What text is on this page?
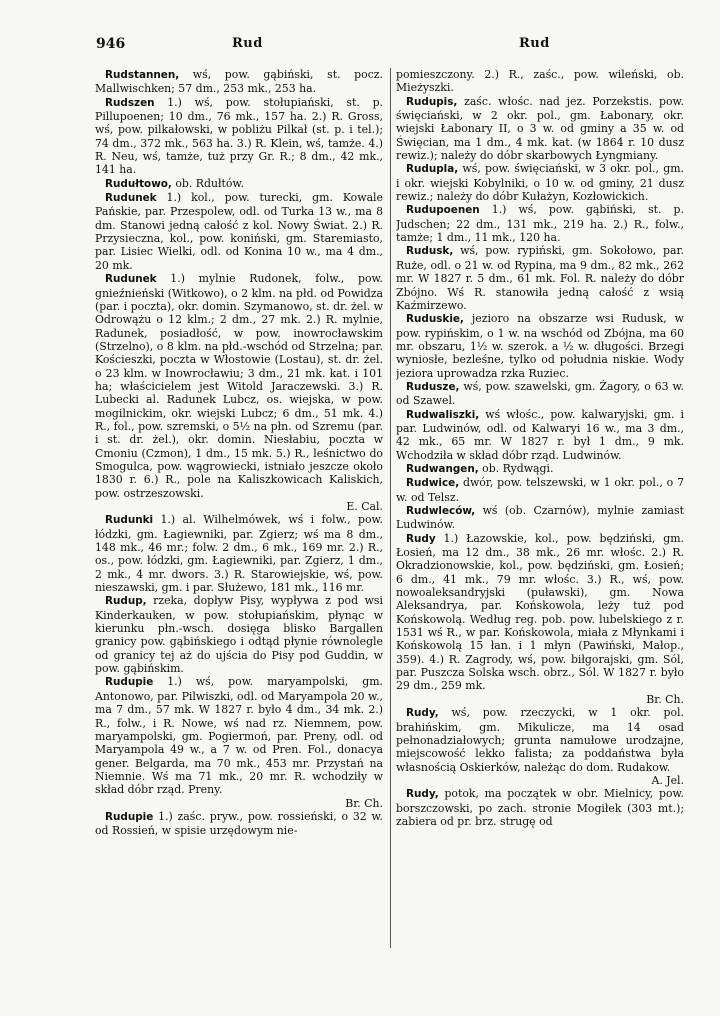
946	Rud	Rud

Rudstannen, wś, pow. gąbiński, st. pocz. Mallwischken; 57 dm., 253 mk., 253 ha.

Rudszen 1.) wś, pow. stołupiański, st. p. Pillupoenen; 10 dm., 76 mk., 157 ha. 2.) R. Gross, wś, pow. pilkałowski, w pobliżu Pilkał (st. p. i tel.); 74 dm., 372 mk., 563 ha. 3.) R. Klein, wś, tamże. 4.) R. Neu, wś, tamże, tuż przy Gr. R.; 8 dm., 42 mk., 141 ha.

Rudułtowo, ob. Rdułtów.

Rudunek 1.) kol., pow. turecki, gm. Kowale Pańskie, par. Przespolew, odl. od Turka 13 w., ma 8 dm. Stanowi jedną całość z kol. Nowy Świat. 2.) R. Przysieczna, kol., pow. koniński, gm. Staremiasto, par. Lisiec Wielki, odl. od Konina 10 w., ma 4 dm., 20 mk.

Rudunek 1.) mylnie Rudonek, folw., pow. gnieźnieński (Witkowo), o 2 klm. na płd. od Powidza (par. i poczta), okr. domin. Szymanowo, st. dr. żel. w Odrowążu o 12 klm.; 2 dm., 27 mk. 2.) R. mylnie, Radunek, posiadłość, w pow. inowrocławskim (Strzelno), o 8 klm. na płd.-wschód od Strzelna; par. Kościeszki, poczta w Włostowie (Lostau), st. dr. żel. o 23 klm. w Inowrocławiu; 3 dm., 21 mk. kat. i 101 ha; właścicielem jest Witold Jaraczewski. 3.) R. Lubecki al. Radunek Lubcz, os. wiejska, w pow. mogilnickim, okr. wiejski Lubcz; 6 dm., 51 mk. 4.) R., fol., pow. szremski, o 5½ na płn. od Szremu (par. i st. dr. żel.), okr. domin. Niesłabiu, poczta w Cmoniu (Czmon), 1 dm., 15 mk. 5.) R., leśnictwo do Smogulca, pow. wągrowiecki, istniało jeszcze około 1830 r. 6.) R., pole na Kaliszkowicach Kaliskich, pow. ostrzeszowski.

E. Cal.

Rudunki 1.) al. Wilhelmówek, wś i folw., pow. łódzki, gm. Łagiewniki, par. Zgierz; wś ma 8 dm., 148 mk., 46 mr.; folw. 2 dm., 6 mk., 169 mr. 2.) R., os., pow. łódzki, gm. Łagiewniki, par. Zgierz, 1 dm., 2 mk., 4 mr. dwors. 3.) R. Starowiejskie, wś, pow. nieszawski, gm. i par. Służewo, 181 mk., 116 mr.

Rudup, rzeka, dopływ Pisy, wypływa z pod wsi Kinderkauken, w pow. stołupiańskim, płynąc w kierunku płn.-wsch. dosięga blisko Bargallen granicy pow. gąbińskiego i odtąd płynie równolegle od granicy tej aż do ujścia do Pisy pod Guddin, w pow. gąbińskim.

Rudupie 1.) wś, pow. maryampolski, gm. Antonowo, par. Pilwiszki, odl. od Maryampola 20 w., ma 7 dm., 57 mk. W 1827 r. było 4 dm., 34 mk. 2.) R., folw., i R. Nowe, wś nad rz. Niemnem, pow. maryampolski, gm. Pogiermoń, par. Preny, odl. od Maryampola 49 w., a 7 w. od Pren. Fol., donacya gener. Belgarda, ma 70 mk., 453 mr. Przystań na Niemnie. Wś ma 71 mk., 20 mr. R. wchodziły w skład dóbr rząd. Preny.

Br. Ch.

Rudupie 1.) zaśc. pryw., pow. rossieński, o 32 w. od Rossień, w spisie urzędowym nie-

pomieszczony. 2.) R., zaśc., pow. wileński, ob. Mieżyszki.

Rudupis, zaśc. włośc. nad jez. Porzekstis. pow. święciański, w 2 okr. pol., gm. Łabonary, okr. wiejski Łabonary II, o 3 w. od gminy a 35 w. od Święcian, ma 1 dm., 4 mk. kat. (w 1864 r. 10 dusz rewiz.); należy do dóbr skarbowych Łyngmiany.

Rudupla, wś, pow. święciański, w 3 okr. pol., gm. i okr. wiejski Kobylniki, o 10 w. od gminy, 21 dusz rewiz.; należy do dóbr Kułażyn, Kozłowickich.

Rudupoenen 1.) wś, pow. gąbiński, st. p. Judschen; 22 dm., 131 mk., 219 ha. 2.) R., folw., tamże; 1 dm., 11 mk., 120 ha.

Rudusk, wś, pow. rypiński, gm. Sokołowo, par. Ruże, odl. o 21 w. od Rypina, ma 9 dm., 82 mk., 262 mr. W 1827 r. 5 dm., 61 mk. Fol. R. należy do dóbr Zbójno. Wś R. stanowiła jedną całość z wsią Kaźmirzewo.

Ruduskie, jezioro na obszarze wsi Rudusk, w pow. rypińskim, o 1 w. na wschód od Zbójna, ma 60 mr. obszaru, 1½ w. szerok. a ½ w. długości. Brzegi wyniosłe, bezleśne, tylko od południa niskie. Wody jeziora uprowadza rzka Ruziec.

Rudusze, wś, pow. szawelski, gm. Żagory, o 63 w. od Szawel.

Rudwaliszki, wś włośc., pow. kalwaryjski, gm. i par. Ludwinów, odl. od Kalwaryi 16 w., ma 3 dm., 42 mk., 65 mr. W 1827 r. był 1 dm., 9 mk. Wchodziła w skład dóbr rząd. Ludwinów.

Rudwangen, ob. Rydwągi.

Rudwice, dwór, pow. telszewski, w 1 okr. pol., o 7 w. od Telsz.

Rudwleców, wś (ob. Czarnów), mylnie zamiast Ludwinów.

Rudy 1.) Łazowskie, kol., pow. będziński, gm. Łosień, ma 12 dm., 38 mk., 26 mr. włośc. 2.) R. Okradzionowskie, kol., pow. będziński, gm. Łosień; 6 dm., 41 mk., 79 mr. włośc. 3.) R., wś, pow. nowoaleksandryjski (puławski), gm. Nowa Aleksandrya, par. Końskowola, leży tuż pod Końskowolą. Według reg. pob. pow. lubelskiego z r. 1531 wś R., w par. Końskowola, miała z Młynkami i Końskowolą 15 łan. i 1 młyn (Pawiński, Małop., 359). 4.) R. Zagrody, wś, pow. biłgorajski, gm. Sól, par. Puszcza Solska wsch. obrz., Sól. W 1827 r. było 29 dm., 259 mk.

Br. Ch.

Rudy, wś, pow. rzeczycki, w 1 okr. pol. brahińskim, gm. Mikulicze, ma 14 osad pełnonadziałowych; grunta namułowe urodzajne, miejscowość lekko falista; za poddaństwa była własnością Oskierków, należąc do dom. Rudakow.

A. Jel.

Rudy, potok, ma początek w obr. Mielnicy, pow. borszczowski, po zach. stronie Mogiłek (303 mt.); zabiera od pr. brz. strugę od
